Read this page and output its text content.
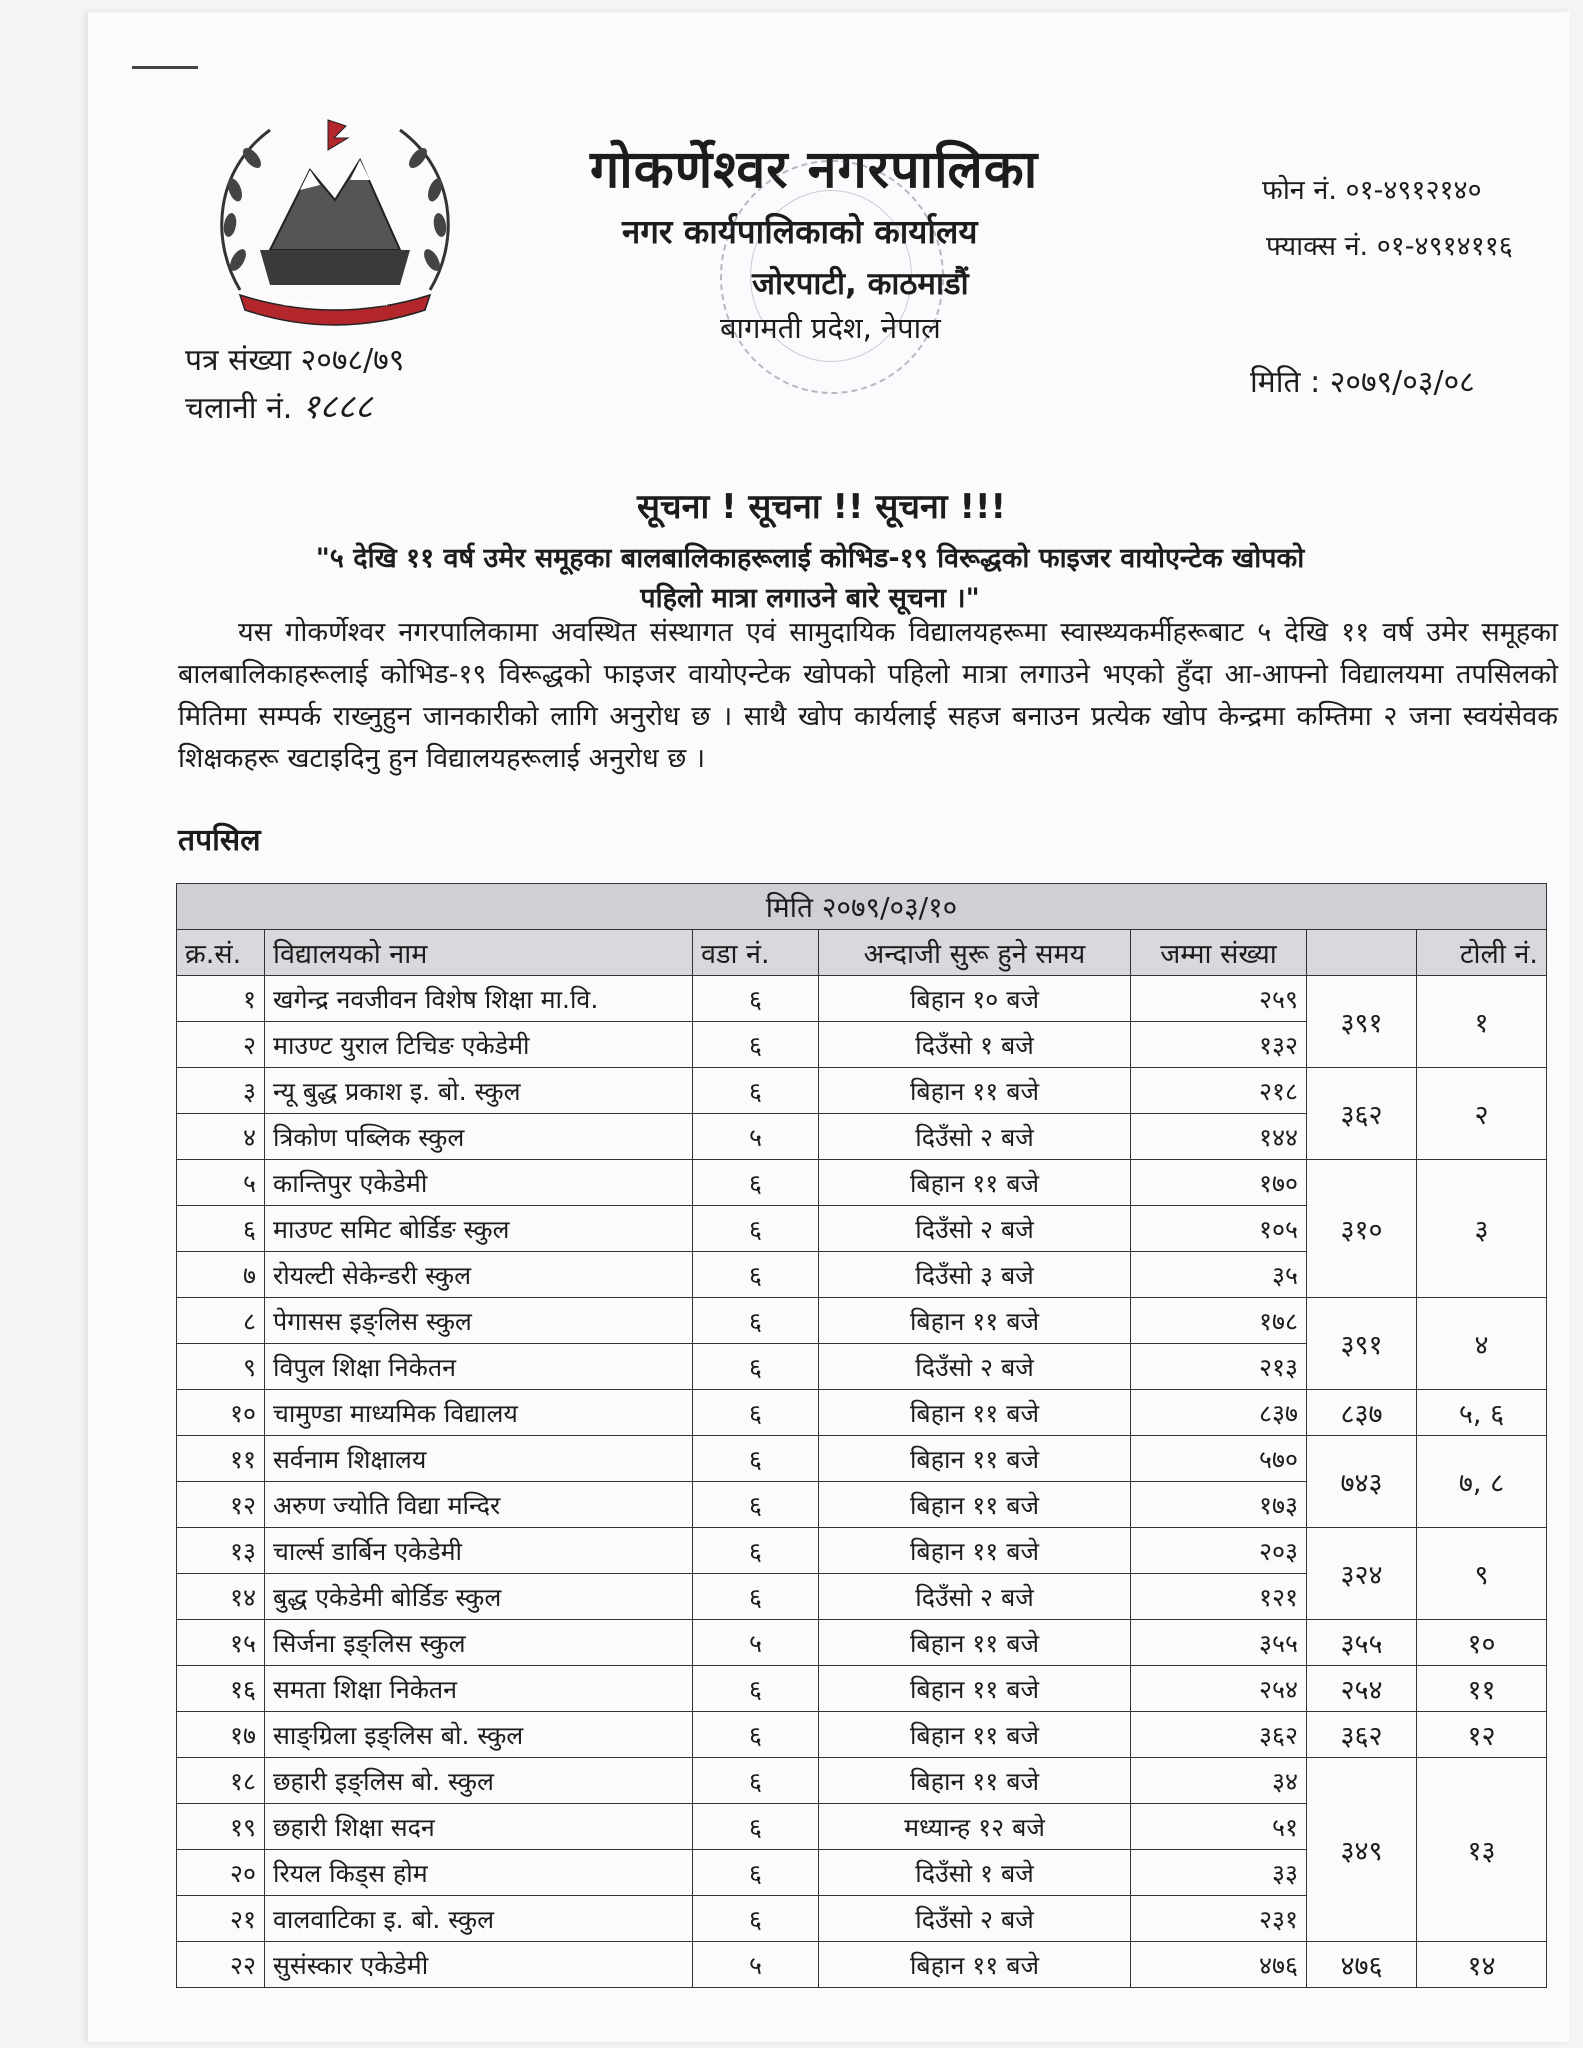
जननी जन्मभूमिश्च स्वर्गादपि गरीयसी
गोकर्णेश्वर नगरपालिका
नगर कार्यपालिकाको कार्यालय
जोरपाटी, काठमाडौं
बागमती प्रदेश, नेपाल
फोन नं. ०१-४९१२१४०
फ्याक्स नं. ०१-४९१४११६
मिति : २०७९/०३/०८
पत्र संख्या २०७८/७९
चलानी नं. १८८८
सूचना ! सूचना !! सूचना !!!
"५ देखि ११ वर्ष उमेर समूहका बालबालिकाहरूलाई कोभिड-१९ विरूद्धको फाइजर वायोएन्टेक खोपको
पहिलो मात्रा लगाउने बारे सूचना ।"
यस गोकर्णेश्वर नगरपालिकामा अवस्थित संस्थागत एवं सामुदायिक विद्यालयहरूमा स्वास्थ्यकर्मीहरूबाट ५ देखि ११ वर्ष उमेर समूहका बालबालिकाहरूलाई कोभिड-१९ विरूद्धको फाइजर वायोएन्टेक खोपको पहिलो मात्रा लगाउने भएको हुँदा आ-आफ्नो विद्यालयमा तपसिलको मितिमा सम्पर्क राख्नुहुन जानकारीको लागि अनुरोध छ । साथै खोप कार्यलाई सहज बनाउन प्रत्येक खोप केन्द्रमा कम्तिमा २ जना स्वयंसेवक शिक्षकहरू खटाइदिनु हुन विद्यालयहरूलाई अनुरोध छ ।
तपसिल
मिति २०७९/०३/१०						
क्र.सं.	विद्यालयको नाम	वडा नं.	अन्दाजी सुरू हुने समय	जम्मा संख्या		टोली नं.
१	खगेन्द्र नवजीवन विशेष शिक्षा मा.वि.	६	बिहान १० बजे	२५९	३९१	१
२	माउण्ट युराल टिचिङ एकेडेमी	६	दिउँसो १ बजे	१३२		
३	न्यू बुद्ध प्रकाश इ. बो. स्कुल	६	बिहान ११ बजे	२१८	३६२	२
४	त्रिकोण पब्लिक स्कुल	५	दिउँसो २ बजे	१४४		
५	कान्तिपुर एकेडेमी	६	बिहान ११ बजे	१७०	३१०	३
६	माउण्ट समिट बोर्डिङ स्कुल	६	दिउँसो २ बजे	१०५		
७	रोयल्टी सेकेन्डरी स्कुल	६	दिउँसो ३ बजे	३५		
८	पेगासस इङ्लिस स्कुल	६	बिहान ११ बजे	१७८	३९१	४
९	विपुल शिक्षा निकेतन	६	दिउँसो २ बजे	२१३		
१०	चामुण्डा माध्यमिक विद्यालय	६	बिहान ११ बजे	८३७	८३७	५, ६
११	सर्वनाम शिक्षालय	६	बिहान ११ बजे	५७०	७४३	७, ८
१२	अरुण ज्योति विद्या मन्दिर	६	बिहान ११ बजे	१७३		
१३	चार्ल्स डार्बिन एकेडेमी	६	बिहान ११ बजे	२०३	३२४	९
१४	बुद्ध एकेडेमी बोर्डिङ स्कुल	६	दिउँसो २ बजे	१२१		
१५	सिर्जना इङ्लिस स्कुल	५	बिहान ११ बजे	३५५	३५५	१०
१६	समता शिक्षा निकेतन	६	बिहान ११ बजे	२५४	२५४	११
१७	साङ्ग्रिला इङ्लिस बो. स्कुल	६	बिहान ११ बजे	३६२	३६२	१२
१८	छहारी इङ्लिस बो. स्कुल	६	बिहान ११ बजे	३४	३४९	१३
१९	छहारी शिक्षा सदन	६	मध्यान्ह १२ बजे	५१		
२०	रियल किड्स होम	६	दिउँसो १ बजे	३३		
२१	वालवाटिका इ. बो. स्कुल	६	दिउँसो २ बजे	२३१		
२२	सुसंस्कार एकेडेमी	५	बिहान ११ बजे	४७६	४७६	१४
